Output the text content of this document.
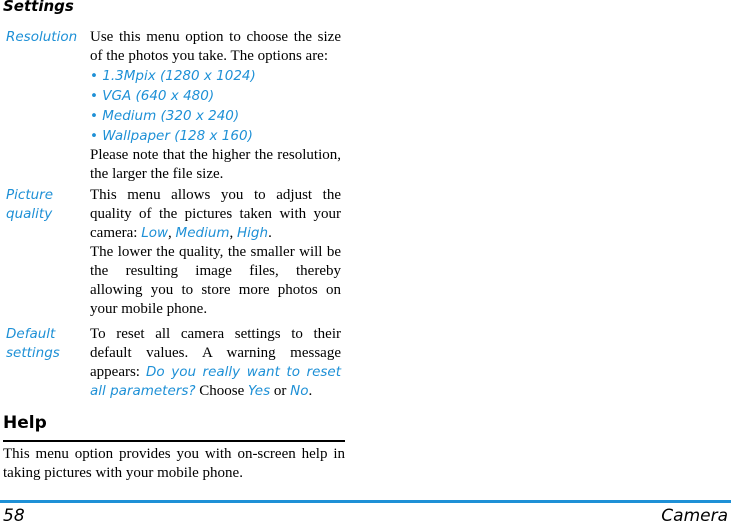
Settings
Resolution Use this menu option to choose the size of the photos you take. The options are:

• 1.3Mpix (1280 x 1024)
• VGA (640 x 480)
• Medium (320 x 240)
• Wallpaper (128 x 160)

Please note that the higher the resolution, the larger the file size.

Picture
quality

This menu allows you to adjust the quality of the pictures taken with your camera: Low, Medium, High.

The lower the quality, the smaller will be the resulting image files, thereby allowing you to store more photos on your mobile phone.

Default
settings

To reset all camera settings to their default values. A warning message appears: Do you really want to reset all parameters? Choose Yes or No.

Help

This menu option provides you with on-screen help in taking pictures with your mobile phone.

58	Camera
